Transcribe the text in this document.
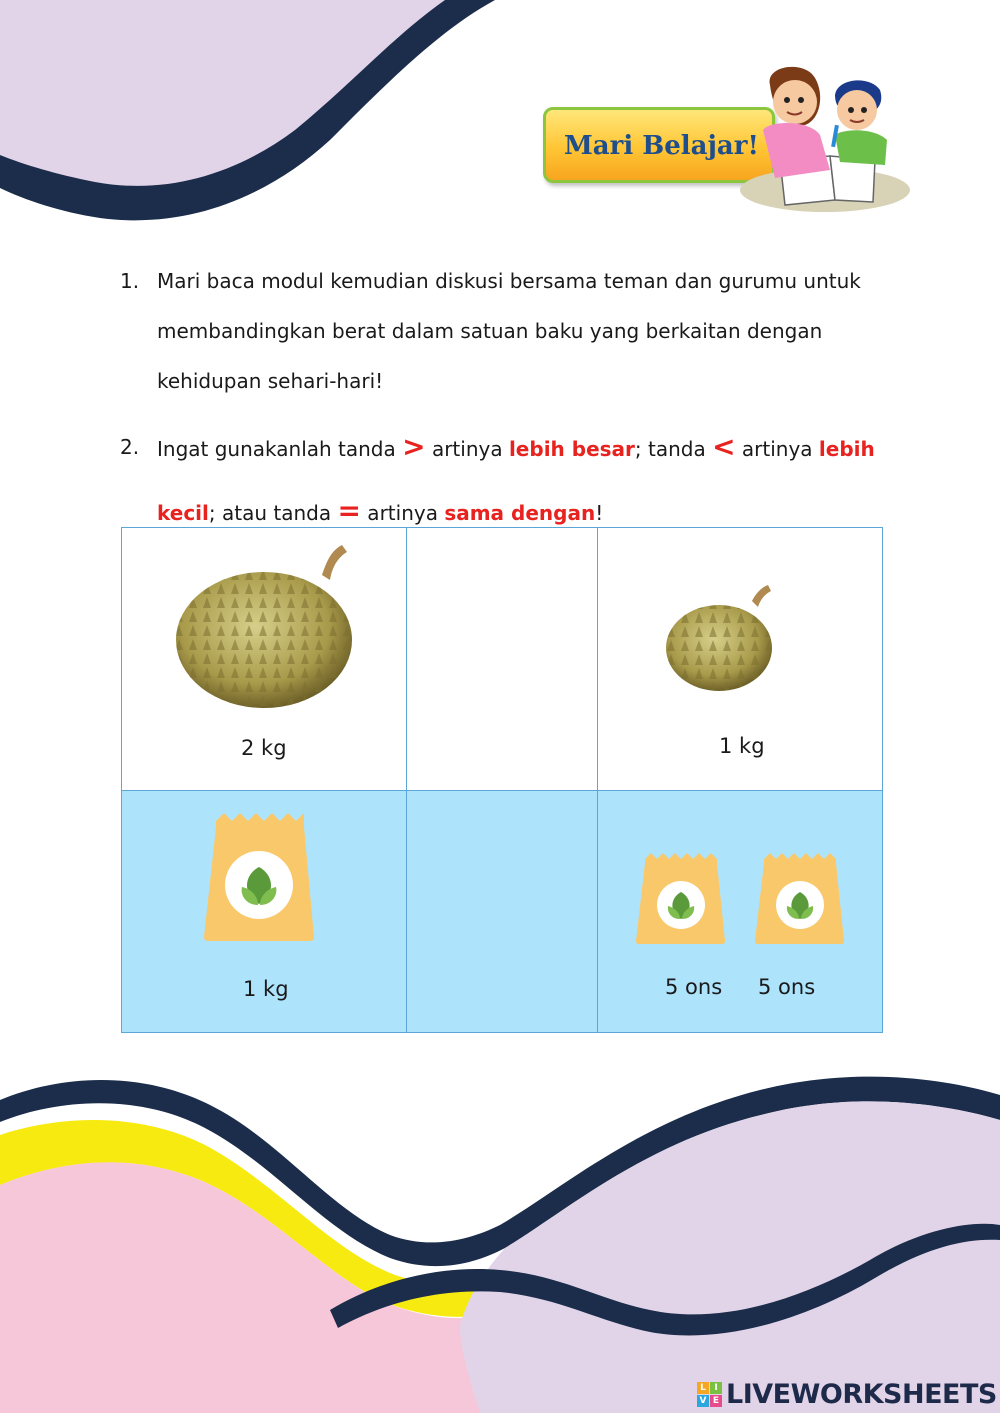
Mari Belajar!
1. Mari baca modul kemudian diskusi bersama teman dan gurumu untuk membandingkan berat dalam satuan baku yang berkaitan dengan kehidupan sehari-hari!
2. Ingat gunakanlah tanda > artinya lebih besar; tanda < artinya lebih kecil; atau tanda = artinya sama dengan!
2 kg	1 kg
1 kg	5 ons 5 ons
L I
V E LIVEWORKSHEETS
